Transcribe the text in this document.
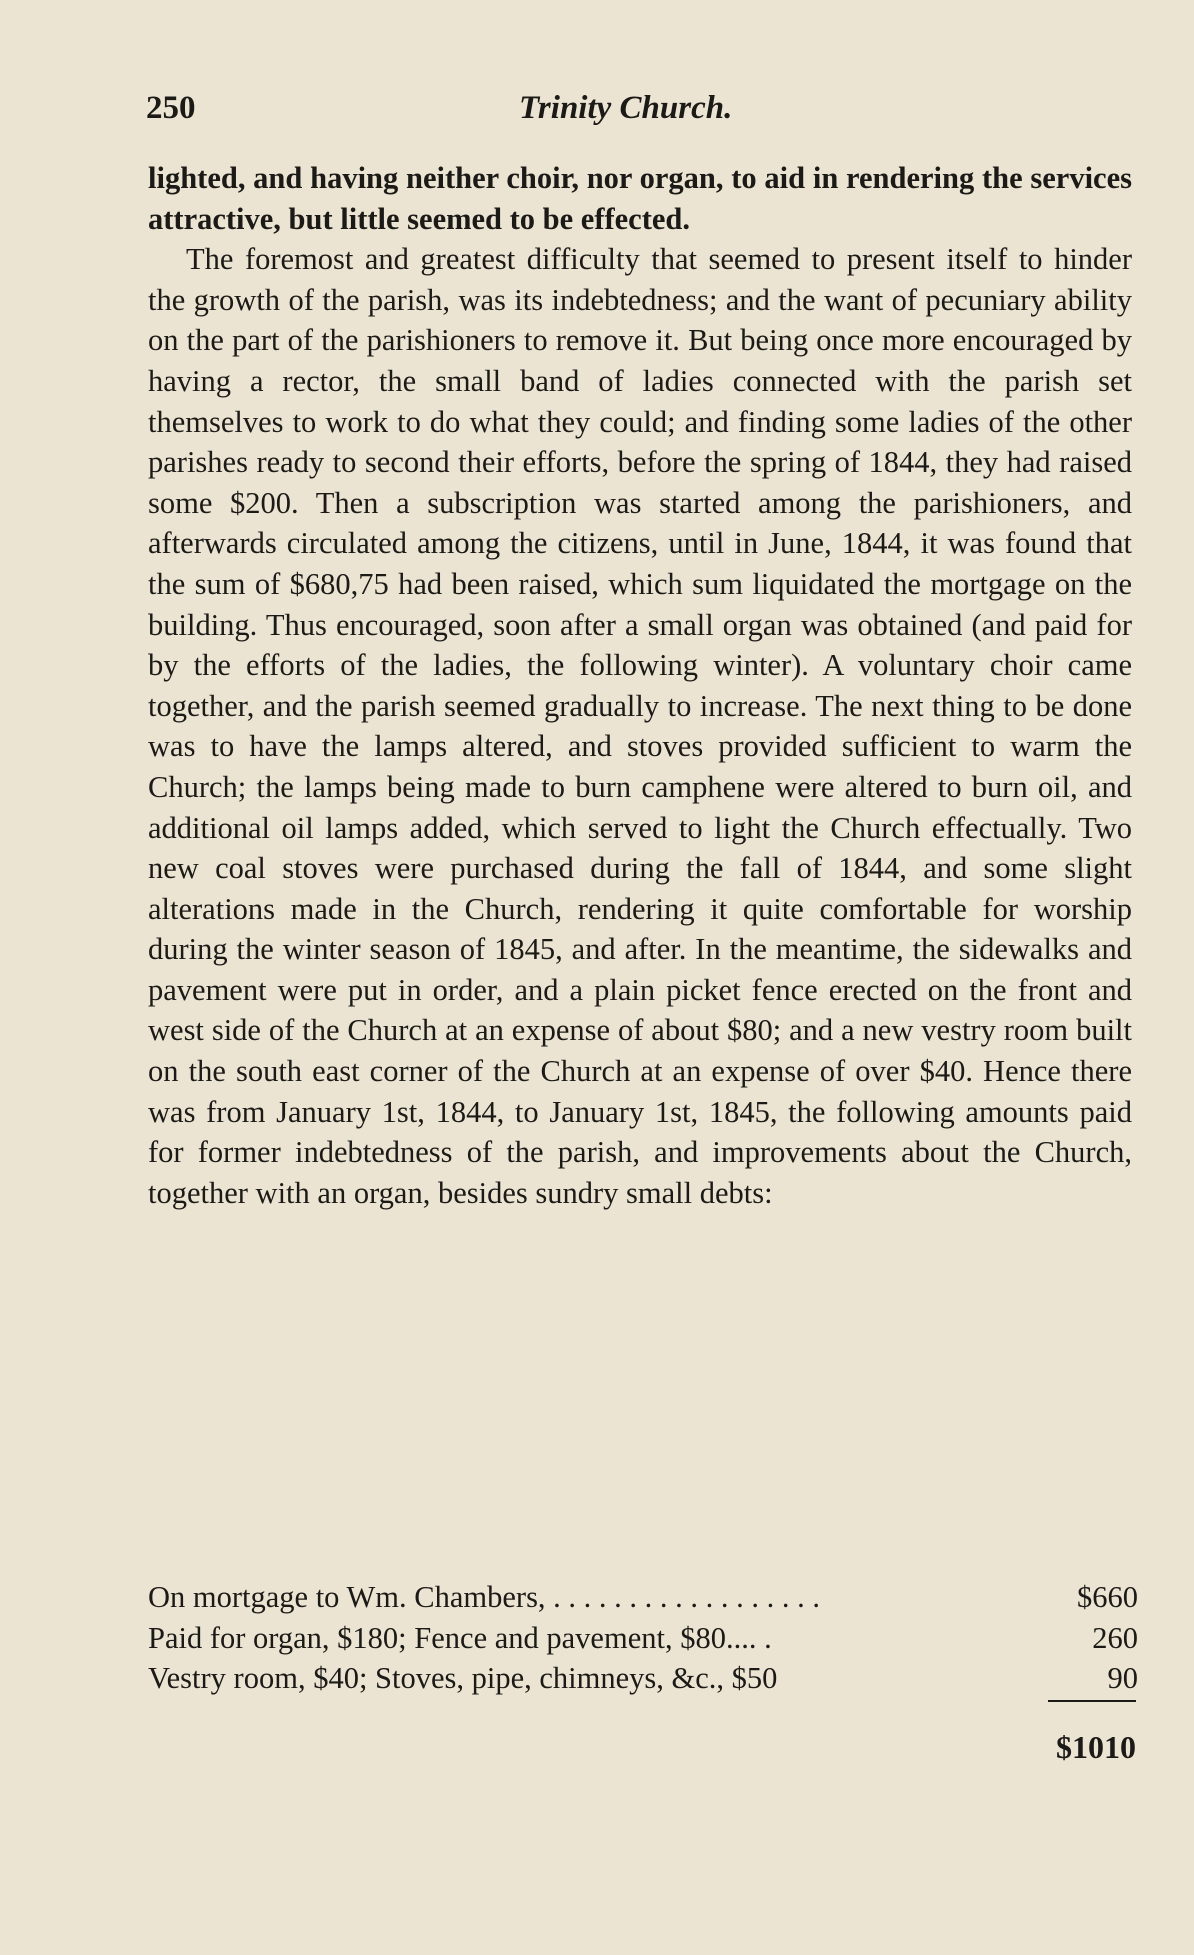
250	Trinity Church.

lighted, and having neither choir, nor organ, to aid in rendering the services attractive, but little seemed to be effected.

The foremost and greatest difficulty that seemed to present itself to hinder the growth of the parish, was its indebtedness; and the want of pecuniary ability on the part of the parishioners to remove it. But being once more encouraged by having a rector, the small band of ladies connected with the parish set themselves to work to do what they could; and finding some ladies of the other parishes ready to second their efforts, before the spring of 1844, they had raised some $200. Then a subscription was started among the parishioners, and afterwards circulated among the citizens, until in June, 1844, it was found that the sum of $680,75 had been raised, which sum liquidated the mortgage on the building. Thus encouraged, soon after a small organ was obtained (and paid for by the efforts of the ladies, the following winter). A voluntary choir came together, and the parish seemed gradually to increase. The next thing to be done was to have the lamps altered, and stoves provided sufficient to warm the Church; the lamps being made to burn camphene were altered to burn oil, and additional oil lamps added, which served to light the Church effectually. Two new coal stoves were purchased during the fall of 1844, and some slight alterations made in the Church, rendering it quite comfortable for worship during the winter season of 1845, and after. In the meantime, the sidewalks and pavement were put in order, and a plain picket fence erected on the front and west side of the Church at an expense of about $80; and a new vestry room built on the south east corner of the Church at an expense of over $40. Hence there was from January 1st, 1844, to January 1st, 1845, the following amounts paid for former indebtedness of the parish, and improvements about the Church, together with an organ, besides sundry small debts:

On mortgage to Wm. Chambers, . . . . . . . . . . . . . . . . . .	$660
Paid for organ, $180; Fence and pavement, $80.... .	260
Vestry room, $40; Stoves, pipe, chimneys, &c., $50	90
$1010
